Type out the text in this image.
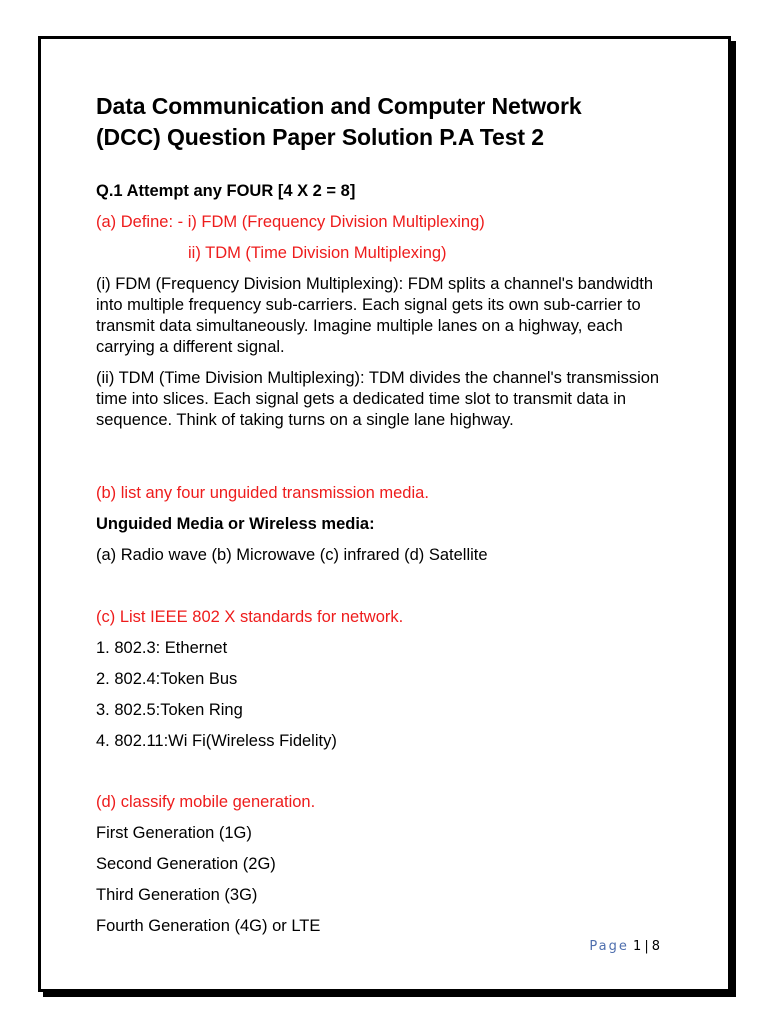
Data Communication and Computer Network

(DCC) Question Paper Solution P.A Test 2

Q.1 Attempt any FOUR [4 X 2 = 8]
(a) Define: - i) FDM (Frequency Division Multiplexing)
ii) TDM (Time Division Multiplexing)
(i) FDM (Frequency Division Multiplexing): FDM splits a channel's bandwidth into multiple frequency sub-carriers. Each signal gets its own sub-carrier to transmit data simultaneously. Imagine multiple lanes on a highway, each carrying a different signal.
(ii) TDM (Time Division Multiplexing): TDM divides the channel's transmission time into slices. Each signal gets a dedicated time slot to transmit data in sequence. Think of taking turns on a single lane highway.
(b) list any four unguided transmission media.
Unguided Media or Wireless media:
(a) Radio wave (b) Microwave (c) infrared (d) Satellite
(c) List IEEE 802 X standards for network.
1. 802.3: Ethernet
2. 802.4:Token Bus
3. 802.5:Token Ring
4. 802.11:Wi Fi(Wireless Fidelity)
(d) classify mobile generation.
First Generation (1G)
Second Generation (2G)
Third Generation (3G)
Fourth Generation (4G) or LTE
Page 1 | 8
